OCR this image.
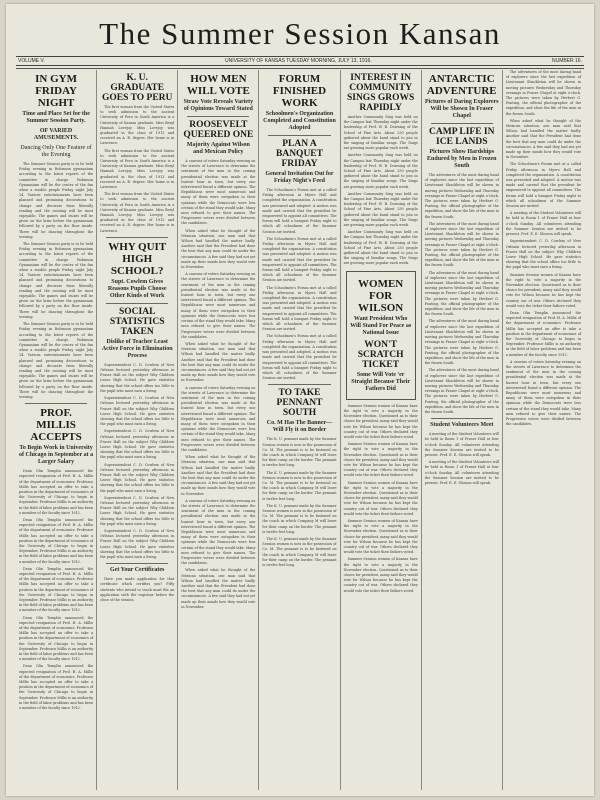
The Summer Session Kansan
VOLUME V.	UNIVERSITY OF KANSAS TUESDAY MORNING, JULY 13, 1916.	NUMBER 16.
IN GYM FRIDAY NIGHT
Time and Place Set for the Summer Session Party.
OF VARIED AMUSEMENTS.
Dancing Only One Feature of the Evening

The Summer Session party is to be held Friday evening in Robinson gymnasium according to the latest reports of the committee in charge. Robinson Gymnasium will be the center of the fun when a sizable people Friday night July 14. Various entertainments have been planned and promising decorations to change and decorate from liberally reading and the evening will be most enjoyable. The games and stunts will be given on the lawn before the gymnasium followed by a party on the floor inside. There will be dancing throughout the evening.

The Summer Session party is to be held Friday evening in Robinson gymnasium according to the latest reports of the committee in charge. Robinson Gymnasium will be the center of the fun when a sizable people Friday night July 14. Various entertainments have been planned and promising decorations to change and decorate from liberally reading and the evening will be most enjoyable. The games and stunts will be given on the lawn before the gymnasium followed by a party on the floor inside. There will be dancing throughout the evening.

The Summer Session party is to be held Friday evening in Robinson gymnasium according to the latest reports of the committee in charge. Robinson Gymnasium will be the center of the fun when a sizable people Friday night July 14. Various entertainments have been planned and promising decorations to change and decorate from liberally reading and the evening will be most enjoyable. The games and stunts will be given on the lawn before the gymnasium followed by a party on the floor inside. There will be dancing throughout the evening.

PROF. MILLIS ACCEPTS
To Begin Work in University of Chicago in September at a Larger Salary

Dean Olin Templin announced the expected resignation of Prof. H. A. Millis of the department of economics. Professor Millis has accepted an offer to take a position in the department of economics of the University of Chicago to begin in September. Professor Millis is an authority in the field of labor problems and has been a member of the faculty since 1912.

Dean Olin Templin announced the expected resignation of Prof. H. A. Millis of the department of economics. Professor Millis has accepted an offer to take a position in the department of economics of the University of Chicago to begin in September. Professor Millis is an authority in the field of labor problems and has been a member of the faculty since 1912.

Dean Olin Templin announced the expected resignation of Prof. H. A. Millis of the department of economics. Professor Millis has accepted an offer to take a position in the department of economics of the University of Chicago to begin in September. Professor Millis is an authority in the field of labor problems and has been a member of the faculty since 1912.

Dean Olin Templin announced the expected resignation of Prof. H. A. Millis of the department of economics. Professor Millis has accepted an offer to take a position in the department of economics of the University of Chicago to begin in September. Professor Millis is an authority in the field of labor problems and has been a member of the faculty since 1912.

Dean Olin Templin announced the expected resignation of Prof. H. A. Millis of the department of economics. Professor Millis has accepted an offer to take a position in the department of economics of the University of Chicago to begin in September. Professor Millis is an authority in the field of labor problems and has been a member of the faculty since 1912.

K. U. GRADUATE GOES TO PERU

The first woman from the United States to seek admission to the ancient University of Peru in South America is a University of Kansas graduate. Miss Beryl Hannah Lovejoy. Miss Lovejoy was graduated in the class of 1913 and received an A. B. degree. Her home is in Lawrence.

The first woman from the United States to seek admission to the ancient University of Peru in South America is a University of Kansas graduate. Miss Beryl Hannah Lovejoy. Miss Lovejoy was graduated in the class of 1913 and received an A. B. degree. Her home is in Lawrence.

The first woman from the United States to seek admission to the ancient University of Peru in South America is a University of Kansas graduate. Miss Beryl Hannah Lovejoy. Miss Lovejoy was graduated in the class of 1913 and received an A. B. degree. Her home is in Lawrence.

WHY QUIT HIGH SCHOOL?
Supt. Cowlem Gives Reasons Pupils Choose Other Kinds of Work
SOCIAL STATISTICS TAKEN
Dislike of Teacher Least Active Force in Elimination Process

Superintendent C. D. Cowlem of New Orleans lectured yesterday afternoon in Fraser Hall on the subject Why Children Leave High School. He gave statistics showing that the school offers too little to the pupil who must earn a living.

Superintendent C. D. Cowlem of New Orleans lectured yesterday afternoon in Fraser Hall on the subject Why Children Leave High School. He gave statistics showing that the school offers too little to the pupil who must earn a living.

Superintendent C. D. Cowlem of New Orleans lectured yesterday afternoon in Fraser Hall on the subject Why Children Leave High School. He gave statistics showing that the school offers too little to the pupil who must earn a living.

Superintendent C. D. Cowlem of New Orleans lectured yesterday afternoon in Fraser Hall on the subject Why Children Leave High School. He gave statistics showing that the school offers too little to the pupil who must earn a living.

Superintendent C. D. Cowlem of New Orleans lectured yesterday afternoon in Fraser Hall on the subject Why Children Leave High School. He gave statistics showing that the school offers too little to the pupil who must earn a living.

Superintendent C. D. Cowlem of New Orleans lectured yesterday afternoon in Fraser Hall on the subject Why Children Leave High School. He gave statistics showing that the school offers too little to the pupil who must earn a living.

Get Your Certificates

Have you made application for that certificate which certifies you? Fifty students who intend to teach must file an application with the registrar before the close of the session.

HOW MEN WILL VOTE
Straw Vote Reveals Variety of Opinions Toward Stated
ROOSEVELT QUEERED ONE
Majority Against Wilson and Mexican Policy

A canvass of voters Saturday evening on the streets of Lawrence to determine the sentiment of the men in the coming presidential election was made at the busiest hour in town, but every one interviewed found a different opinion. The Republicans were most numerous and many of them were outspoken in their opinions while the Democrats were less certain of the stand they would take. Many men refused to give their names. The Progressive voters were divided between the candidates.

When asked what he thought of the Mexican situation, one man said that Wilson had handled the matter badly. Another said that the President had done the best that any man could do under the circumstances. A few said they had not yet made up their minds how they would vote in November.

A canvass of voters Saturday evening on the streets of Lawrence to determine the sentiment of the men in the coming presidential election was made at the busiest hour in town, but every one interviewed found a different opinion. The Republicans were most numerous and many of them were outspoken in their opinions while the Democrats were less certain of the stand they would take. Many men refused to give their names. The Progressive voters were divided between the candidates.

When asked what he thought of the Mexican situation, one man said that Wilson had handled the matter badly. Another said that the President had done the best that any man could do under the circumstances. A few said they had not yet made up their minds how they would vote in November.

A canvass of voters Saturday evening on the streets of Lawrence to determine the sentiment of the men in the coming presidential election was made at the busiest hour in town, but every one interviewed found a different opinion. The Republicans were most numerous and many of them were outspoken in their opinions while the Democrats were less certain of the stand they would take. Many men refused to give their names. The Progressive voters were divided between the candidates.

When asked what he thought of the Mexican situation, one man said that Wilson had handled the matter badly. Another said that the President had done the best that any man could do under the circumstances. A few said they had not yet made up their minds how they would vote in November.

A canvass of voters Saturday evening on the streets of Lawrence to determine the sentiment of the men in the coming presidential election was made at the busiest hour in town, but every one interviewed found a different opinion. The Republicans were most numerous and many of them were outspoken in their opinions while the Democrats were less certain of the stand they would take. Many men refused to give their names. The Progressive voters were divided between the candidates.

When asked what he thought of the Mexican situation, one man said that Wilson had handled the matter badly. Another said that the President had done the best that any man could do under the circumstances. A few said they had not yet made up their minds how they would vote in November.

FORUM FINISHED WORK
Schoolmen's Organization Completed and Constitution Adopted
PLAN A BANQUET FRIDAY
General Invitation Out for Friday Night's Feed

The Schoolmen's Forum met at a called Friday afternoon in Myers Hall and completed the organization. A constitution was presented and adopted. A motion was made and carried that the president be empowered to appoint all committees. The forum will hold a banquet Friday night to which all schoolmen of the Summer Session are invited.

The Schoolmen's Forum met at a called Friday afternoon in Myers Hall and completed the organization. A constitution was presented and adopted. A motion was made and carried that the president be empowered to appoint all committees. The forum will hold a banquet Friday night to which all schoolmen of the Summer Session are invited.

The Schoolmen's Forum met at a called Friday afternoon in Myers Hall and completed the organization. A constitution was presented and adopted. A motion was made and carried that the president be empowered to appoint all committees. The forum will hold a banquet Friday night to which all schoolmen of the Summer Session are invited.

The Schoolmen's Forum met at a called Friday afternoon in Myers Hall and completed the organization. A constitution was presented and adopted. A motion was made and carried that the president be empowered to appoint all committees. The forum will hold a banquet Friday night to which all schoolmen of the Summer Session are invited.

TO TAKE PENNANT SOUTH
Co. M Has The Banner—Will Fly it on Border

The K. U. pennant made by the Summer Session women is now in the possession of Co. M. The pennant is to be fastened on the coach in which Company M will leave for their camp on the border. The pennant is twelve feet long.

The K. U. pennant made by the Summer Session women is now in the possession of Co. M. The pennant is to be fastened on the coach in which Company M will leave for their camp on the border. The pennant is twelve feet long.

The K. U. pennant made by the Summer Session women is now in the possession of Co. M. The pennant is to be fastened on the coach in which Company M will leave for their camp on the border. The pennant is twelve feet long.

The K. U. pennant made by the Summer Session women is now in the possession of Co. M. The pennant is to be fastened on the coach in which Company M will leave for their camp on the border. The pennant is twelve feet long.

INTEREST IN COMMUNITY SINGS GROWS RAPIDLY

Another Community Sing was held on the Campus last Thursday night under the leadership of Prof. W. B. Downing of the School of Fine Arts. About 250 people gathered about the band stand to join in the singing of familiar songs. The Sings are growing more popular each week.

Another Community Sing was held on the Campus last Thursday night under the leadership of Prof. W. B. Downing of the School of Fine Arts. About 250 people gathered about the band stand to join in the singing of familiar songs. The Sings are growing more popular each week.

Another Community Sing was held on the Campus last Thursday night under the leadership of Prof. W. B. Downing of the School of Fine Arts. About 250 people gathered about the band stand to join in the singing of familiar songs. The Sings are growing more popular each week.

Another Community Sing was held on the Campus last Thursday night under the leadership of Prof. W. B. Downing of the School of Fine Arts. About 250 people gathered about the band stand to join in the singing of familiar songs. The Sings are growing more popular each week.

WOMEN FOR WILSON
Want President Who Will Stand For Peace as National Issue
WON'T SCRATCH TICKET
Some Will Vote 'er Straight Because Their Fathers Did

Summer Session women of Kansas have the right to vote a majority in the November election. Questioned as to their choice for president, many said they would vote for Wilson because he has kept the country out of war. Others declared they would vote the ticket their fathers voted.

Summer Session women of Kansas have the right to vote a majority in the November election. Questioned as to their choice for president, many said they would vote for Wilson because he has kept the country out of war. Others declared they would vote the ticket their fathers voted.

Summer Session women of Kansas have the right to vote a majority in the November election. Questioned as to their choice for president, many said they would vote for Wilson because he has kept the country out of war. Others declared they would vote the ticket their fathers voted.

Summer Session women of Kansas have the right to vote a majority in the November election. Questioned as to their choice for president, many said they would vote for Wilson because he has kept the country out of war. Others declared they would vote the ticket their fathers voted.

Summer Session women of Kansas have the right to vote a majority in the November election. Questioned as to their choice for president, many said they would vote for Wilson because he has kept the country out of war. Others declared they would vote the ticket their fathers voted.

ANTARCTIC ADVENTURE
Pictures of Daring Explorers Will be Shown In Fraser Chapel
CAMP LIFE IN ICE LANDS
Pictures Show Hardships Endured by Men in Frozen South

The adventures of the most daring band of explorers since the last expedition of Lieutenant Shackleton will be shown in moving pictures Wednesday and Thursday evenings in Fraser Chapel at eight o'clock. The pictures were taken by Herbert G. Ponting, the official photographer of the expedition, and show the life of the men in the frozen South.

The adventures of the most daring band of explorers since the last expedition of Lieutenant Shackleton will be shown in moving pictures Wednesday and Thursday evenings in Fraser Chapel at eight o'clock. The pictures were taken by Herbert G. Ponting, the official photographer of the expedition, and show the life of the men in the frozen South.

The adventures of the most daring band of explorers since the last expedition of Lieutenant Shackleton will be shown in moving pictures Wednesday and Thursday evenings in Fraser Chapel at eight o'clock. The pictures were taken by Herbert G. Ponting, the official photographer of the expedition, and show the life of the men in the frozen South.

The adventures of the most daring band of explorers since the last expedition of Lieutenant Shackleton will be shown in moving pictures Wednesday and Thursday evenings in Fraser Chapel at eight o'clock. The pictures were taken by Herbert G. Ponting, the official photographer of the expedition, and show the life of the men in the frozen South.

The adventures of the most daring band of explorers since the last expedition of Lieutenant Shackleton will be shown in moving pictures Wednesday and Thursday evenings in Fraser Chapel at eight o'clock. The pictures were taken by Herbert G. Ponting, the official photographer of the expedition, and show the life of the men in the frozen South.

Student Volunteers Meet

A meeting of the Student Volunteers will be held in Room 1 of Fraser Hall at four o'clock Sunday. All volunteers attending the Summer Session are invited to be present. Prof. E. E. Slosson will speak.

A meeting of the Student Volunteers will be held in Room 1 of Fraser Hall at four o'clock Sunday. All volunteers attending the Summer Session are invited to be present. Prof. E. E. Slosson will speak.

The adventures of the most daring band of explorers since the last expedition of Lieutenant Shackleton will be shown in moving pictures Wednesday and Thursday evenings in Fraser Chapel at eight o'clock. The pictures were taken by Herbert G. Ponting, the official photographer of the expedition, and show the life of the men in the frozen South.

When asked what he thought of the Mexican situation, one man said that Wilson had handled the matter badly. Another said that the President had done the best that any man could do under the circumstances. A few said they had not yet made up their minds how they would vote in November.

The Schoolmen's Forum met at a called Friday afternoon in Myers Hall and completed the organization. A constitution was presented and adopted. A motion was made and carried that the president be empowered to appoint all committees. The forum will hold a banquet Friday night to which all schoolmen of the Summer Session are invited.

A meeting of the Student Volunteers will be held in Room 1 of Fraser Hall at four o'clock Sunday. All volunteers attending the Summer Session are invited to be present. Prof. E. E. Slosson will speak.

Superintendent C. D. Cowlem of New Orleans lectured yesterday afternoon in Fraser Hall on the subject Why Children Leave High School. He gave statistics showing that the school offers too little to the pupil who must earn a living.

Summer Session women of Kansas have the right to vote a majority in the November election. Questioned as to their choice for president, many said they would vote for Wilson because he has kept the country out of war. Others declared they would vote the ticket their fathers voted.

Dean Olin Templin announced the expected resignation of Prof. H. A. Millis of the department of economics. Professor Millis has accepted an offer to take a position in the department of economics of the University of Chicago to begin in September. Professor Millis is an authority in the field of labor problems and has been a member of the faculty since 1912.

A canvass of voters Saturday evening on the streets of Lawrence to determine the sentiment of the men in the coming presidential election was made at the busiest hour in town, but every one interviewed found a different opinion. The Republicans were most numerous and many of them were outspoken in their opinions while the Democrats were less certain of the stand they would take. Many men refused to give their names. The Progressive voters were divided between the candidates.
